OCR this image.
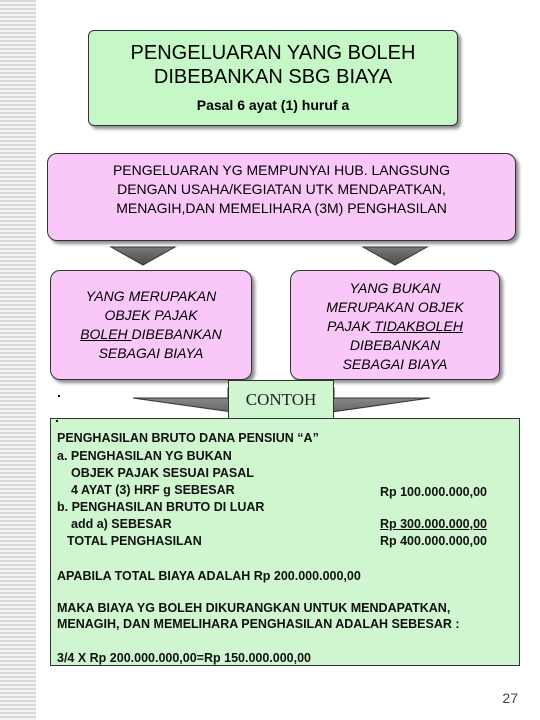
PENGELUARAN YANG BOLEH
DIBEBANKAN SBG BIAYA
Pasal 6 ayat (1) huruf a
PENGELUARAN YG MEMPUNYAI HUB. LANGSUNG
DENGAN USAHA/KEGIATAN UTK MENDAPATKAN,
MENAGIH,DAN MEMELIHARA (3M) PENGHASILAN
YANG MERUPAKAN
OBJEK PAJAK
BOLEH DIBEBANKAN
SEBAGAI BIAYA
YANG BUKAN
MERUPAKAN OBJEK
PAJAK TIDAKBOLEH
DIBEBANKAN
SEBAGAI BIAYA
.
.
PENGHASILAN BRUTO DANA PENSIUN “A”
a. PENGHASILAN YG BUKAN
OBJEK PAJAK SESUAI PASAL
4 AYAT (3) HRF g SEBESAR	Rp 100.000.000,00
b. PENGHASILAN BRUTO DI LUAR
add a) SEBESAR	Rp 300.000.000,00
TOTAL PENGHASILAN	Rp 400.000.000,00
APABILA TOTAL BIAYA ADALAH Rp 200.000.000,00
MAKA BIAYA YG BOLEH DIKURANGKAN UNTUK MENDAPATKAN,
MENAGIH, DAN MEMELIHARA PENGHASILAN ADALAH SEBESAR :
3/4 X Rp 200.000.000,00=Rp 150.000.000,00
CONTOH
27
